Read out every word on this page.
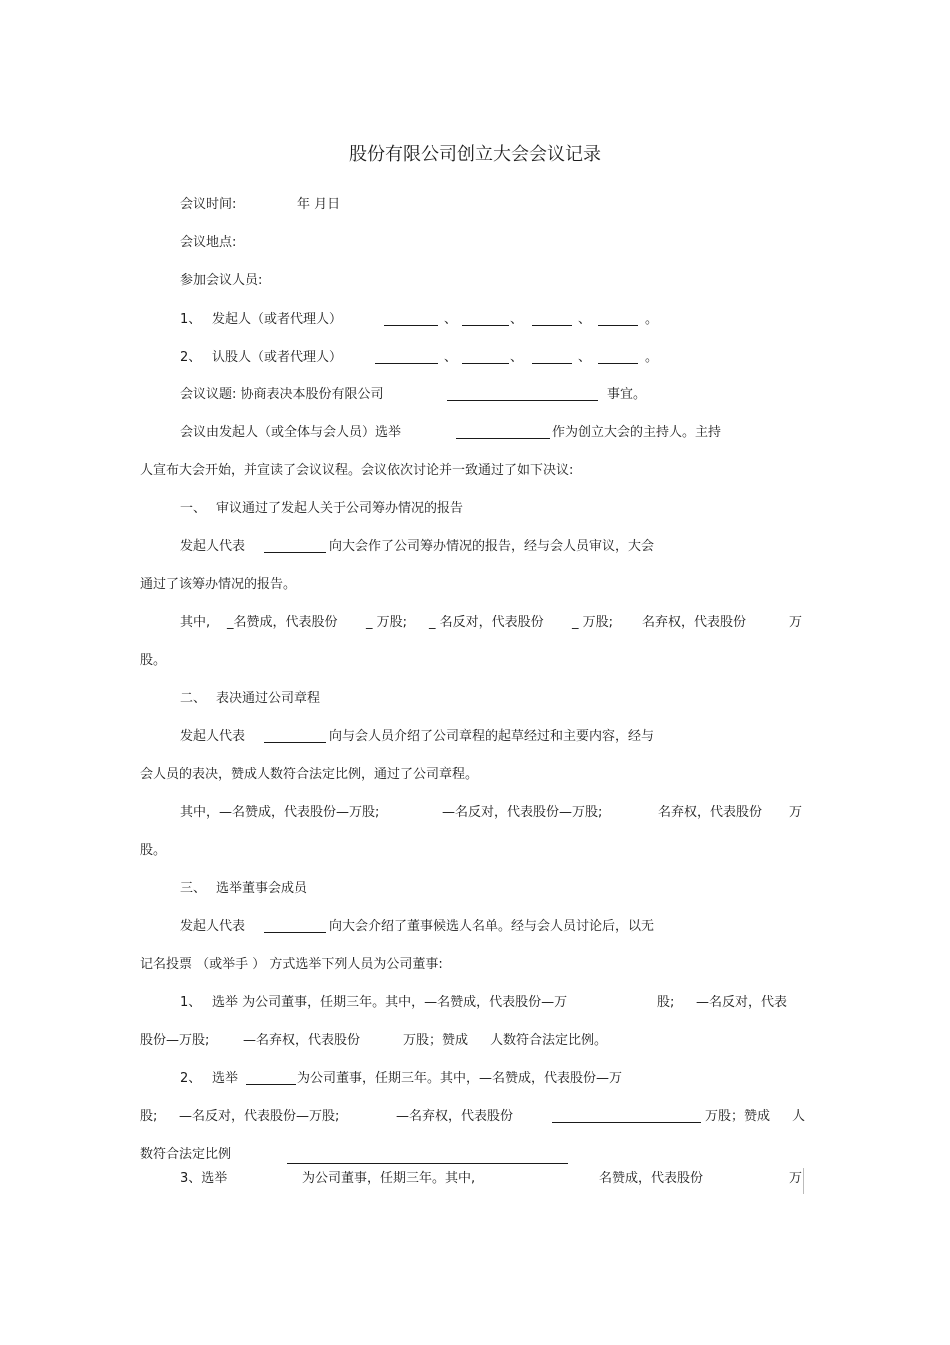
股份有限公司创立大会会议记录
会议时间:	年 月日
会议地点:
参加会议人员:
1、 发起人（或者代理人）	、	、	、	。
2、 认股人（或者代理人）	、	、	、	。
会议议题: 协商表决本股份有限公司	事宜。
会议由发起人（或全体与会人员）选举	作为创立大会的主持人。主持
人宣布大会开始，并宣读了会议议程。会议依次讨论并一致通过了如下决议:
一、 审议通过了发起人关于公司筹办情况的报告
发起人代表	向大会作了公司筹办情况的报告，经与会人员审议，大会
通过了该筹办情况的报告。
其中, _名赞成，代表股份 _ 万股; _ 名反对，代表股份 _ 万股; 名弃权，代表股份	万
股。
二、 表决通过公司章程
发起人代表	向与会人员介绍了公司章程的起草经过和主要内容，经与
会人员的表决，赞成人数符合法定比例，通过了公司章程。
其中，—名赞成，代表股份—万股;	—名反对，代表股份—万股;	名弃权，代表股份 万
股。
三、 选举董事会成员
发起人代表	向大会介绍了董事候选人名单。经与会人员讨论后，以无
记名投票 （或举手 ） 方式选举下列人员为公司董事:
1、 选举 为公司董事，任期三年。其中，—名赞成，代表股份—万	股; —名反对，代表
股份—万股;	—名弃权，代表股份	万股；赞成 人数符合法定比例。
2、 选举	为公司董事，任期三年。其中，—名赞成，代表股份—万
股; —名反对，代表股份—万股;	—名弃权，代表股份	万股；赞成 人
数符合法定比例
3、选举	为公司董事，任期三年。其中,	名赞成，代表股份	万
